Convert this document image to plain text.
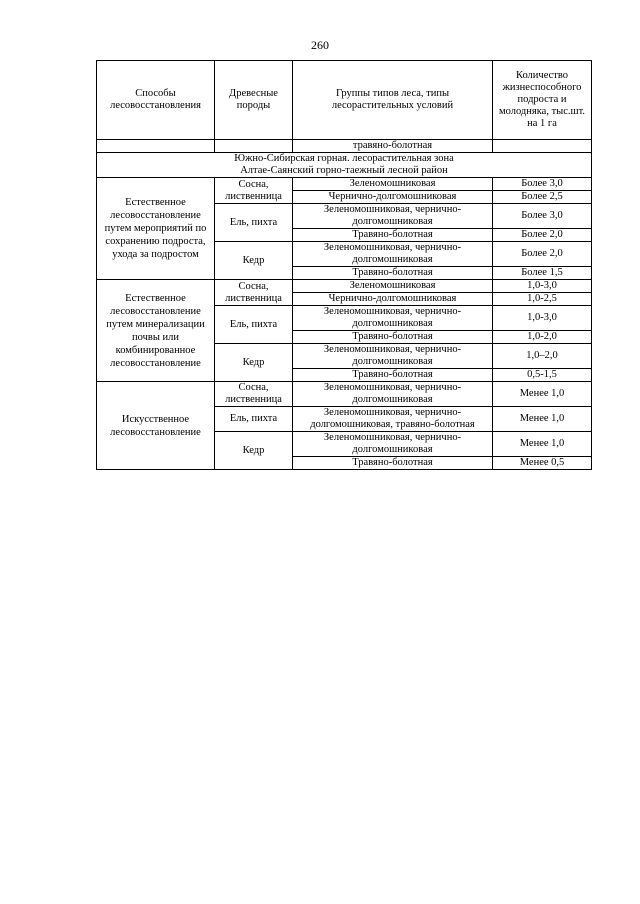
260
Способы лесовосстановления	Древесные породы	Группы типов леса, типы лесорастительных условий	Количество жизнеспособного подроста и молодняка, тыс.шт. на 1 га
		травяно-болотная	

Южно-Сибирская горная. лесорастительная зона
Алтае-Саянский горно-таежный лесной район			

Естественное лесовосстановление путем мероприятий по сохранению подроста, ухода за подростом	Сосна, лиственница	Зеленомошниковая	Более 3,0
		Чернично-долгомошниковая	Более 2,5
	Ель, пихта	Зеленомошниковая, чернично-долгомошниковая	Более 3,0
		Травяно-болотная	Более 2,0
	Кедр	Зеленомошниковая, чернично-долгомошниковая	Более 2,0
		Травяно-болотная	Более 1,5
Естественное лесовосстановление путем минерализации почвы или комбинированное лесовосстановление	Сосна, лиственница	Зеленомошниковая	1,0-3,0
		Чернично-долгомошниковая	1,0-2,5
	Ель, пихта	Зеленомошниковая, чернично-долгомошниковая	1,0-3,0
		Травяно-болотная	1,0-2,0
	Кедр	Зеленомошниковая, чернично-долгомошниковая	1,0–2,0
		Травяно-болотная	0,5-1,5
Искусственное лесовосстановление	Сосна, лиственница	Зеленомошниковая, чернично-долгомошниковая	Менее 1,0
	Ель, пихта	Зеленомошниковая, чернично-долгомошниковая, травяно-болотная	Менее 1,0
	Кедр	Зеленомошниковая, чернично-долгомошниковая	Менее 1,0
		Травяно-болотная	Менее 0,5
